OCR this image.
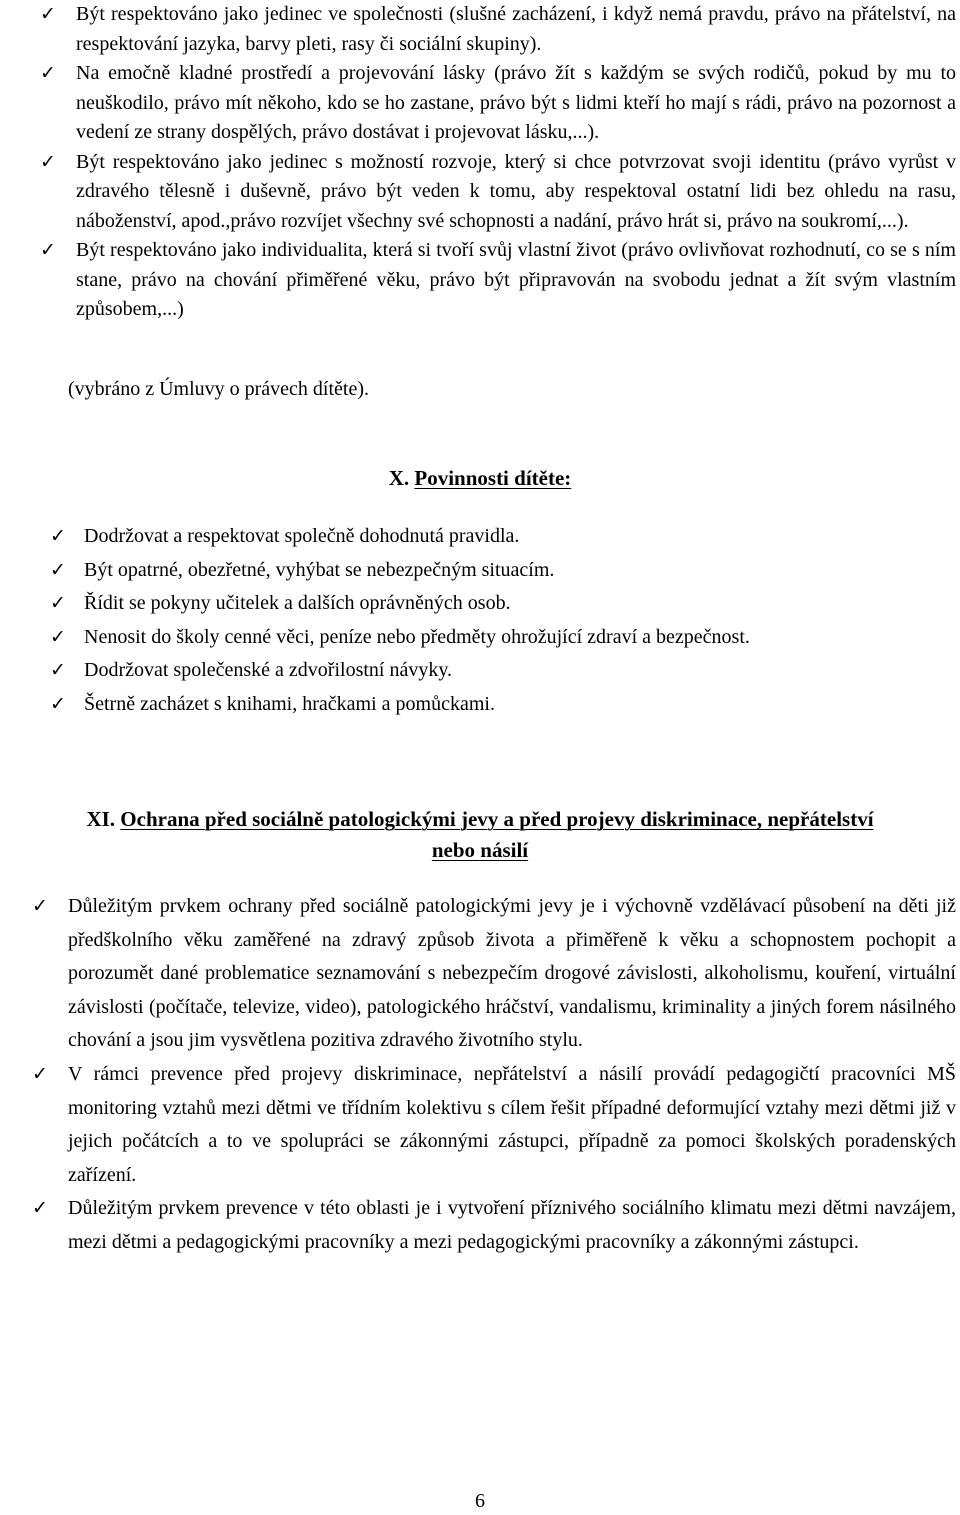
✓ Být respektováno jako jedinec ve společnosti (slušné zacházení, i když nemá pravdu, právo na přátelství, na respektování jazyka, barvy pleti, rasy či sociální skupiny).
✓ Na emočně kladné prostředí a projevování lásky (právo žít s každým se svých rodičů, pokud by mu to neuškodilo, právo mít někoho, kdo se ho zastane, právo být s lidmi kteří ho mají s rádi, právo na pozornost a vedení ze strany dospělých, právo dostávat i projevovat lásku,...).
✓ Být respektováno jako jedinec s možností rozvoje, který si chce potvrzovat svoji identitu (právo vyrůst v zdravého tělesně i duševně, právo být veden k tomu, aby respektoval ostatní lidi bez ohledu na rasu, náboženství, apod.,právo rozvíjet všechny své schopnosti a nadání, právo hrát si, právo na soukromí,...).
✓ Být respektováno jako individualita, která si tvoří svůj vlastní život (právo ovlivňovat rozhodnutí, co se s ním stane, právo na chování přiměřené věku, právo být připravován na svobodu jednat a žít svým vlastním způsobem,...)
(vybráno z Úmluvy o právech dítěte).
X. Povinnosti dítěte:
✓ Dodržovat a respektovat společně dohodnutá pravidla.
✓ Být opatrné, obezřetné, vyhýbat se nebezpečným situacím.
✓ Řídit se pokyny učitelek a dalších oprávněných osob.
✓ Nenosit do školy cenné věci, peníze nebo předměty ohrožující zdraví a bezpečnost.
✓ Dodržovat společenské a zdvořilostní návyky.
✓ Šetrně zacházet s knihami, hračkami a pomůckami.
XI. Ochrana před sociálně patologickými jevy a před projevy diskriminace, nepřátelství
nebo násilí
✓ Důležitým prvkem ochrany před sociálně patologickými jevy je i výchovně vzdělávací působení na děti již předškolního věku zaměřené na zdravý způsob života a přiměřeně k věku a schopnostem pochopit a porozumět dané problematice seznamování s nebezpečím drogové závislosti, alkoholismu, kouření, virtuální závislosti (počítače, televize, video), patologického hráčství, vandalismu, kriminality a jiných forem násilného chování a jsou jim vysvětlena pozitiva zdravého životního stylu.
✓ V rámci prevence před projevy diskriminace, nepřátelství a násilí provádí pedagogičtí pracovníci MŠ monitoring vztahů mezi dětmi ve třídním kolektivu s cílem řešit případné deformující vztahy mezi dětmi již v jejich počátcích a to ve spolupráci se zákonnými zástupci, případně za pomoci školských poradenských zařízení.
✓ Důležitým prvkem prevence v této oblasti je i vytvoření příznivého sociálního klimatu mezi dětmi navzájem, mezi dětmi a pedagogickými pracovníky a mezi pedagogickými pracovníky a zákonnými zástupci.
6
